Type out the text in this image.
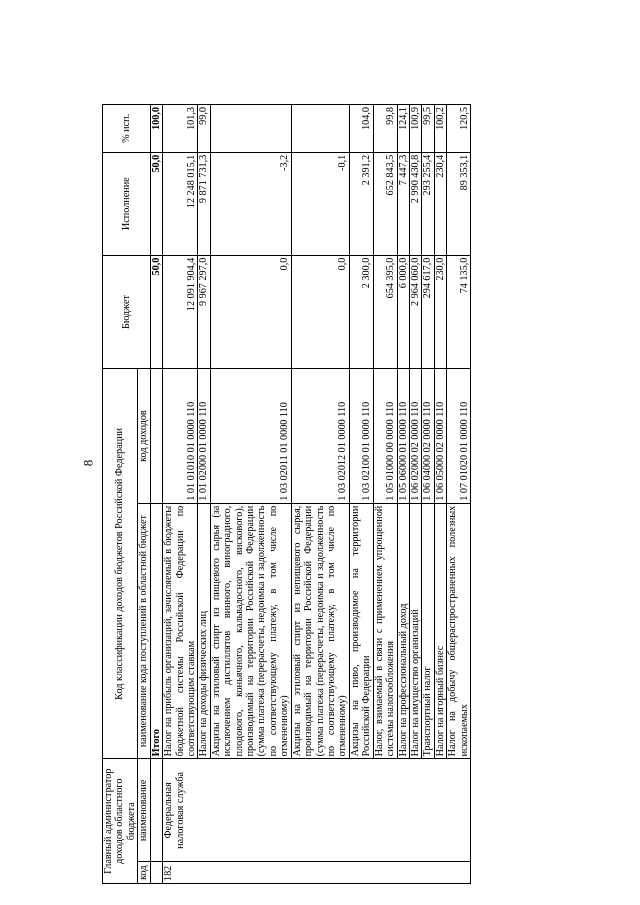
8
Главный администратор доходов областного бюджета		Код классификации доходов бюджетов Российской Федерации		Бюджет	Исполнение	% исп.
код	наименование	наименование кода поступлений в областной бюджет	код доходов			
		Итого		50,0	50,0	100,0
182	Федеральная налоговая служба	Налог на прибыль организаций, зачисляемый в бюджеты бюджетной системы Российской Федерации по соответствующим ставкам	1 01 01010 01 0000 110	12 091 904,4	12 248 015,1	101,3
		Налог на доходы физических лиц	1 01 02000 01 0000 110	9 967 297,0	9 871 731,3	99,0
		Акцизы на этиловый спирт из пищевого сырья (за исключением дистиллятов винного, виноградного, плодового, коньячного, кальвадосного, вискового), производимый на территории Российской Федерации (сумма платежа (перерасчеты, недоимка и задолженность по соответствующему платежу, в том числе по отмененному)	1 03 02011 01 0000 110	0,0	-3,2	
		Акцизы на этиловый спирт из непищевого сырья, производимый на территории Российской Федерации (сумма платежа (перерасчеты, недоимка и задолженность по соответствующему платежу, в том числе по отмененному)	1 03 02012 01 0000 110	0,0	-0,1	
		Акцизы на пиво, производимое на территории Российской Федерации	1 03 02100 01 0000 110	2 300,0	2 391,2	104,0
		Налог, взимаемый в связи с применением упрощенной системы налогообложения	1 05 01000 00 0000 110	654 395,0	652 843,5	99,8
		Налог на профессиональный доход	1 05 06000 01 0000 110	6 000,0	7 447,3	124,1
		Налог на имущество организаций	1 06 02000 02 0000 110	2 964 060,0	2 990 430,8	100,9
		Транспортный налог	1 06 04000 02 0000 110	294 617,0	293 255,4	99,5
		Налог на игорный бизнес	1 06 05000 02 0000 110	230,0	230,4	100,2
		Налог на добычу общераспространенных полезных ископаемых	1 07 01020 01 0000 110	74 135,0	89 353,1	120,5
